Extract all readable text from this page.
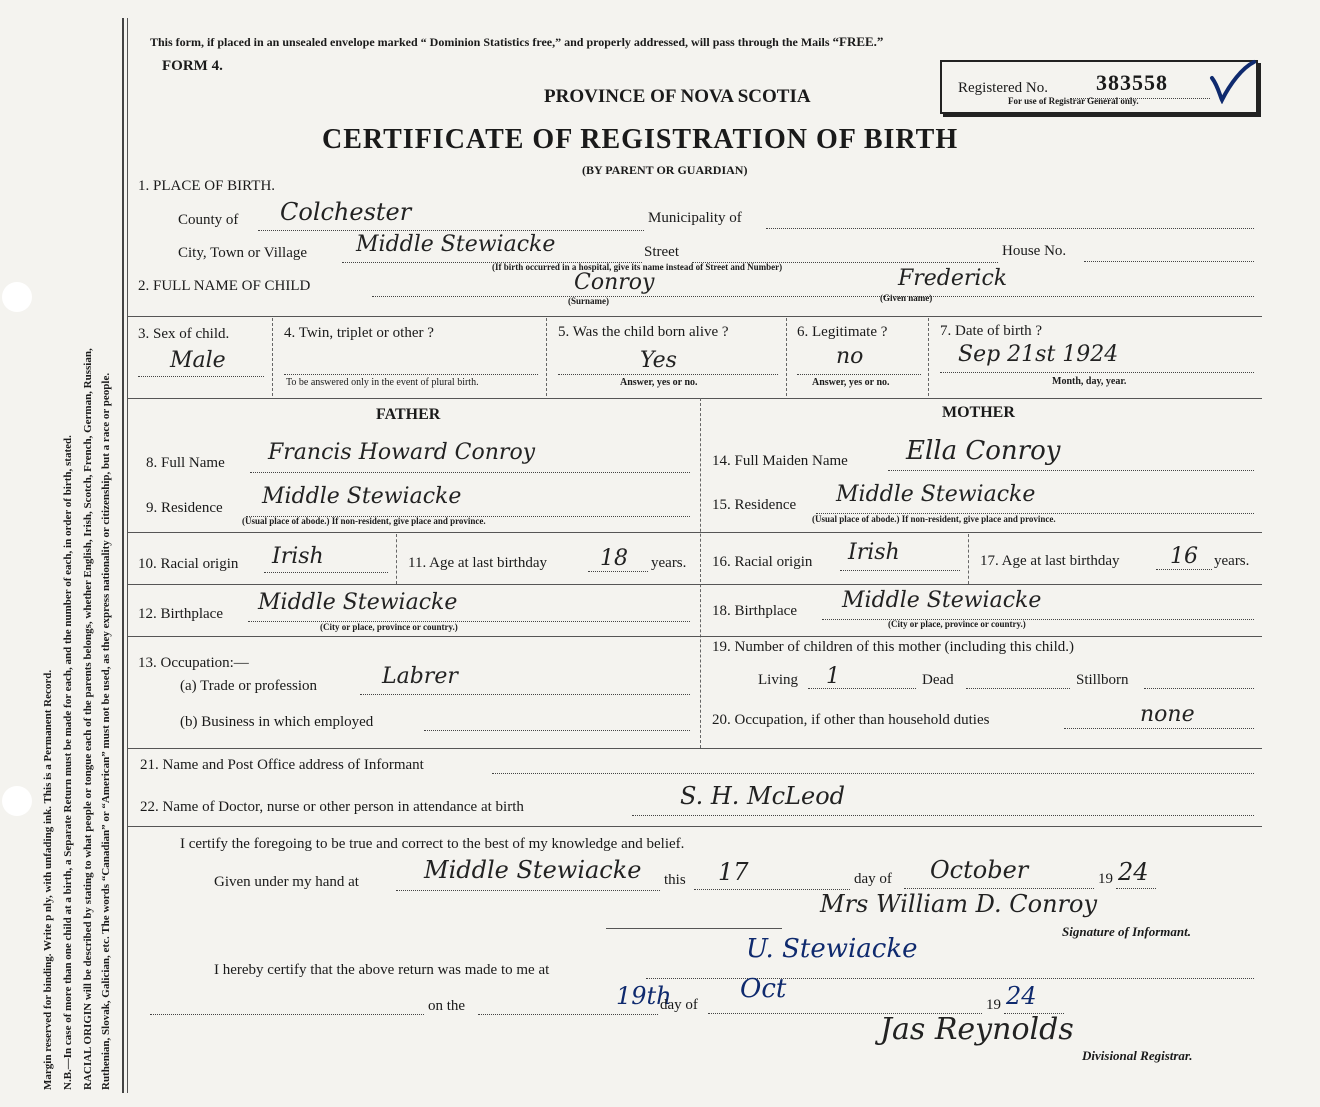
Margin reserved for binding. Write p nly, with unfading ink. This is a Permanent Record. N.B.—In case of more than one child at a birth, a Separate Return must be made for each, and the number of each, in order of birth, stated. RACIAL ORIGIN will be described by stating to what people or tongue each of the parents belongs, whether English, Irish, Scotch, French, German, Russian, Ruthenian, Slovak, Galician, etc. The words “Canadian” or “American” must not be used, as they express nationality or citizenship, but a race or people.
This form, if placed in an unsealed envelope marked “ Dominion Statistics free,” and properly addressed, will pass through the Mails “FREE.”
FORM 4.
Registered No. 383558
For use of Registrar General only.
PROVINCE OF NOVA SCOTIA
CERTIFICATE OF REGISTRATION OF BIRTH
(BY PARENT OR GUARDIAN)
1. PLACE OF BIRTH.
County of Colchester	Municipality of
City, Town or Village Middle Stewiacke	Street	House No.
(If birth occurred in a hospital, give its name instead of Street and Number)
2. FULL NAME OF CHILD	Conroy
(Surname)
Frederick
(Given name)
3. Sex of child.
Male
4. Twin, triplet or other ?
To be answered only in the event of plural birth.
5. Was the child born alive ?
Yes
Answer, yes or no.
6. Legitimate ?
no
Answer, yes or no.
7. Date of birth ?
Sep 21st 1924
Month, day, year.
FATHER	MOTHER
8. Full Name Francis Howard Conroy	14. Full Maiden Name Ella Conroy
9. Residence Middle Stewiacke
(Usual place of abode.) If non-resident, give place and province.
15. Residence Middle Stewiacke
(Usual place of abode.) If non-resident, give place and province.
10. Racial origin Irish	11. Age at last birthday 18 years. 16. Racial origin Irish	17. Age at last birthday 16 years.
12. Birthplace Middle Stewiacke
(City or place, province or country.)
18. Birthplace Middle Stewiacke
(City or place, province or country.)
13. Occupation:—
(a) Trade or profession	Labrer
(b) Business in which employed
19. Number of children of this mother (including this child.)
Living 1	Dead	Stillborn
20. Occupation, if other than household duties	none
21. Name and Post Office address of Informant
22. Name of Doctor, nurse or other person in attendance at birth	S. H. McLeod
I certify the foregoing to be true and correct to the best of my knowledge and belief.
Given under my hand at	Middle Stewiacke this 17	day of October	19 24
Mrs William D. Conroy
Signature of Informant.
I hereby certify that the above return was made to me at
U. Stewiacke
on the	19th
day of
Oct
19 24
Jas Reynolds
Divisional Registrar.
